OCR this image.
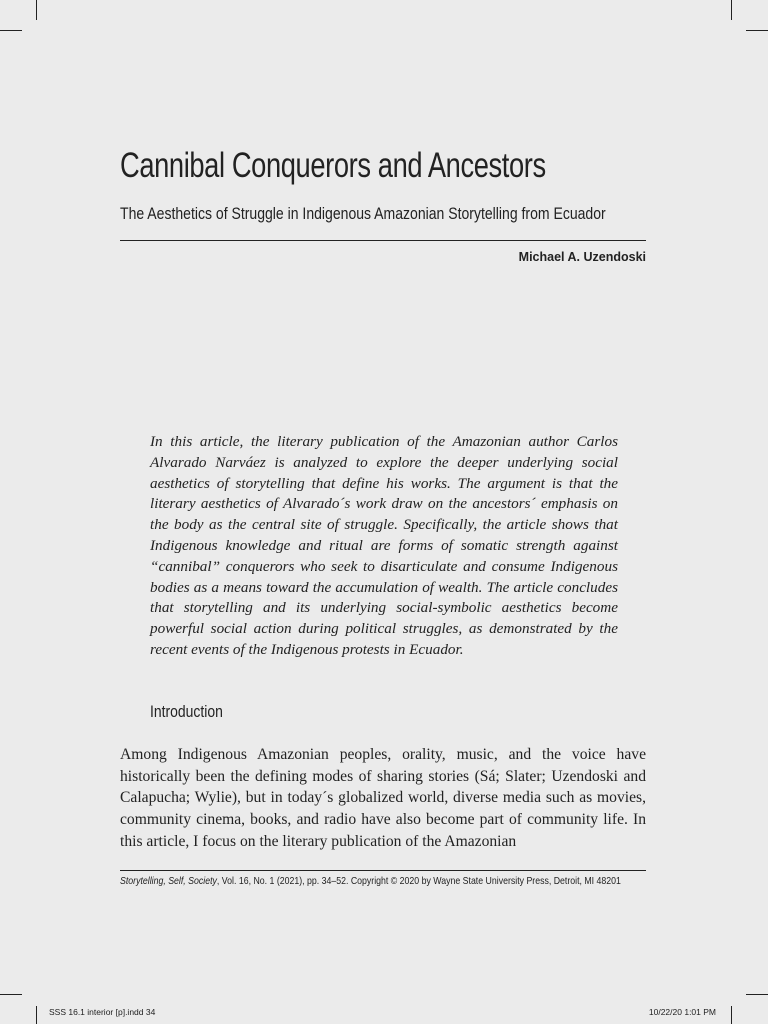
Cannibal Conquerors and Ancestors
The Aesthetics of Struggle in Indigenous Amazonian Storytelling from Ecuador
Michael A. Uzendoski

In this article, the literary publication of the Amazonian author Carlos Alvarado Narváez is analyzed to explore the deeper underlying social aesthetics of storytelling that define his works. The argument is that the literary aesthetics of Alvarado´s work draw on the ancestors´ emphasis on the body as the central site of struggle. Specifically, the article shows that Indigenous knowledge and ritual are forms of somatic strength against “cannibal” conquerors who seek to disarticulate and consume Indigenous bodies as a means toward the accumulation of wealth. The article concludes that storytelling and its underlying social-symbolic aesthetics become powerful social action during political struggles, as demonstrated by the recent events of the Indigenous protests in Ecuador.

Introduction

Among Indigenous Amazonian peoples, orality, music, and the voice have historically been the defining modes of sharing stories (Sá; Slater; Uzendoski and Calapucha; Wylie), but in today´s globalized world, diverse media such as movies, community cinema, books, and radio have also become part of community life. In this article, I focus on the literary publication of the Amazonian

Storytelling, Self, Society, Vol. 16, No. 1 (2021), pp. 34–52. Copyright © 2020 by Wayne State University Press, Detroit, MI 48201
SSS 16.1 interior [p].indd 34	10/22/20 1:01 PM
